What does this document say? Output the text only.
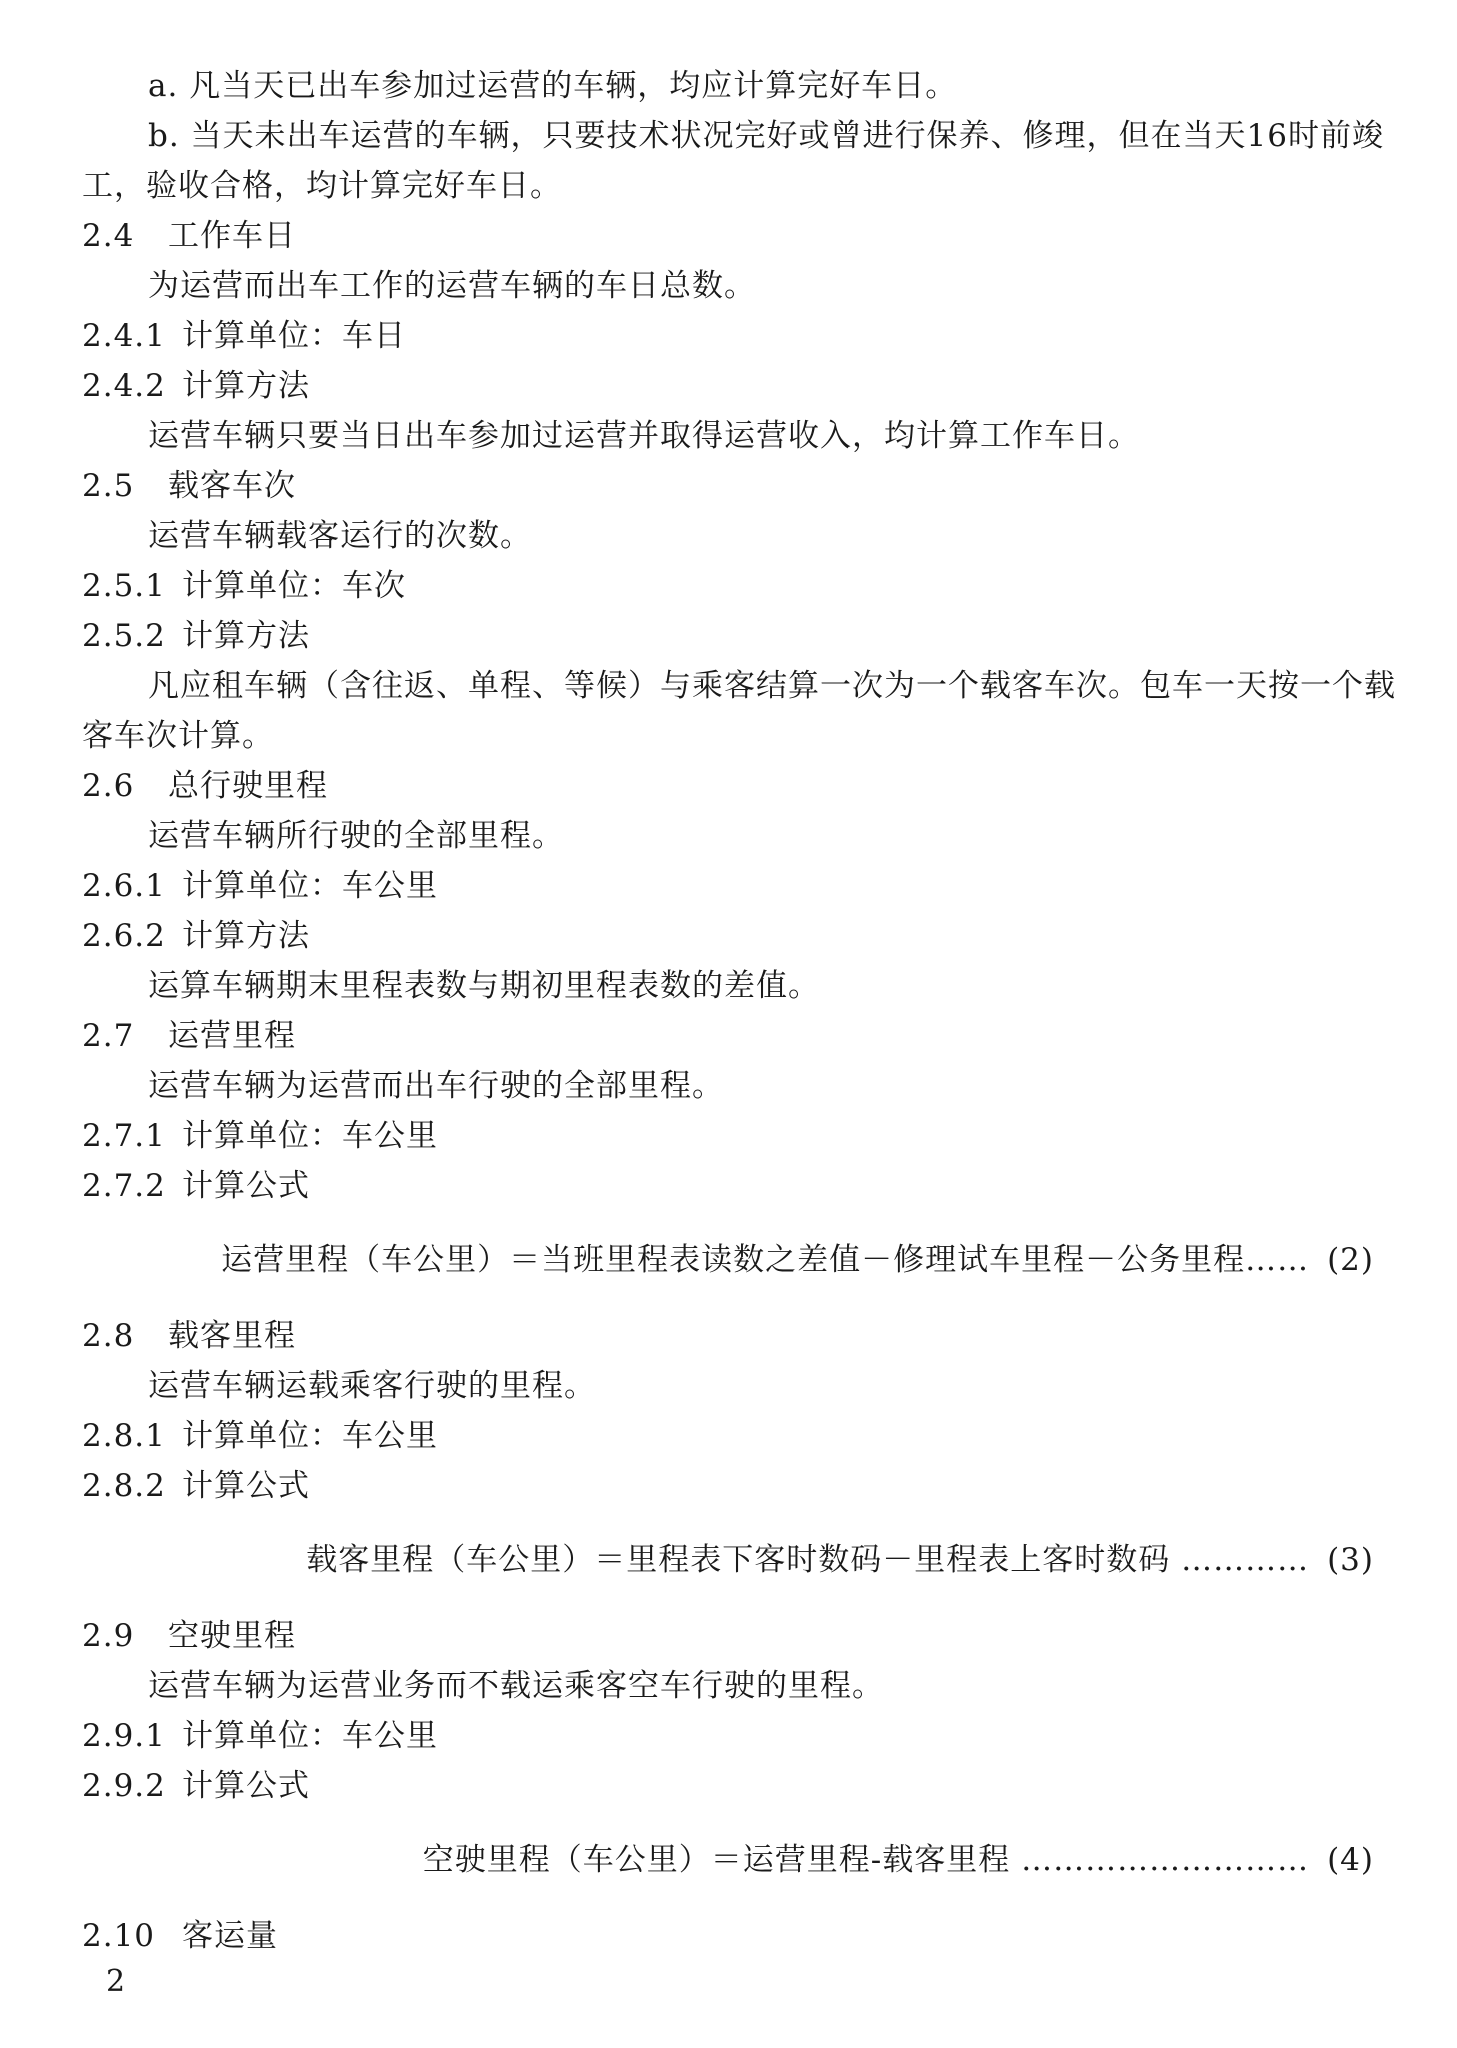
a. 凡当天已出车参加过运营的车辆，均应计算完好车日。
b. 当天未出车运营的车辆，只要技术状况完好或曾进行保养、修理，但在当天16时前竣
工，验收合格，均计算完好车日。
2.4 工作车日
为运营而出车工作的运营车辆的车日总数。
2.4.1 计算单位：车日
2.4.2 计算方法
运营车辆只要当日出车参加过运营并取得运营收入，均计算工作车日。
2.5 载客车次
运营车辆载客运行的次数。
2.5.1 计算单位：车次
2.5.2 计算方法
凡应租车辆（含往返、单程、等候）与乘客结算一次为一个载客车次。包车一天按一个载
客车次计算。
2.6 总行驶里程
运营车辆所行驶的全部里程。
2.6.1 计算单位：车公里
2.6.2 计算方法
运算车辆期末里程表数与期初里程表数的差值。
2.7 运营里程
运营车辆为运营而出车行驶的全部里程。
2.7.1 计算单位：车公里
2.7.2 计算公式
运营里程（车公里）＝当班里程表读数之差值－修理试车里程－公务里程…… (2)
2.8 载客里程
运营车辆运载乘客行驶的里程。
2.8.1 计算单位：车公里
2.8.2 计算公式
载客里程（车公里）＝里程表下客时数码－里程表上客时数码 ………… (3)
2.9 空驶里程
运营车辆为运营业务而不载运乘客空车行驶的里程。
2.9.1 计算单位：车公里
2.9.2 计算公式
空驶里程（车公里）＝运营里程-载客里程 ……………………… (4)
2.10 客运量
2
